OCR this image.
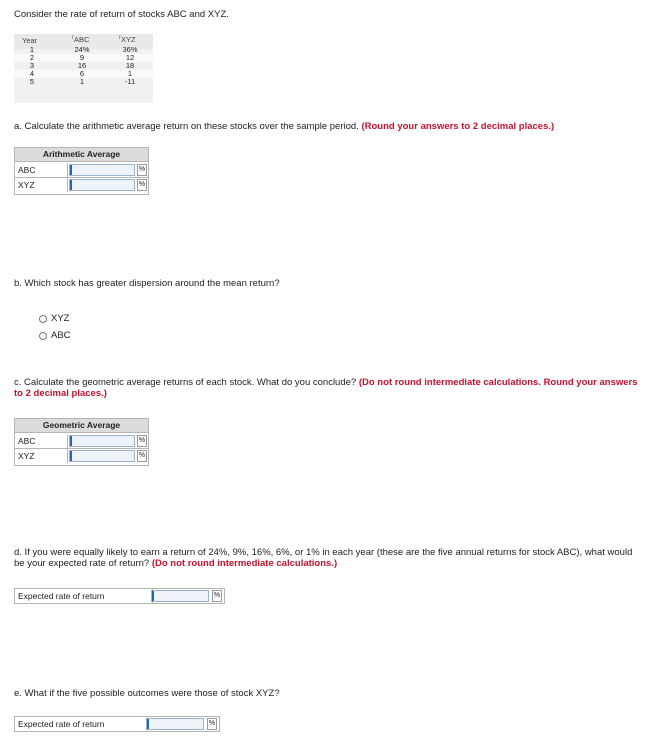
Consider the rate of return of stocks ABC and XYZ.
Year	$^r$ABC	$^r$XYZ
1	24%	36%
2	9	12
3	16	18
4	6	1
5	1	-11
a. Calculate the arithmetic average return on these stocks over the sample period. (Round your answers to 2 decimal places.)
Arithmetic Average
ABC	%
XYZ	%
b. Which stock has greater dispersion around the mean return?
XYZ
ABC
c. Calculate the geometric average returns of each stock. What do you conclude? (Do not round intermediate calculations. Round your answers to 2 decimal places.)
Geometric Average
ABC	%
XYZ	%
d. If you were equally likely to earn a return of 24%, 9%, 16%, 6%, or 1% in each year (these are the five annual returns for stock ABC), what would be your expected rate of return? (Do not round intermediate calculations.)
Expected rate of return	%
e. What if the five possible outcomes were those of stock XYZ?
Expected rate of return	%
